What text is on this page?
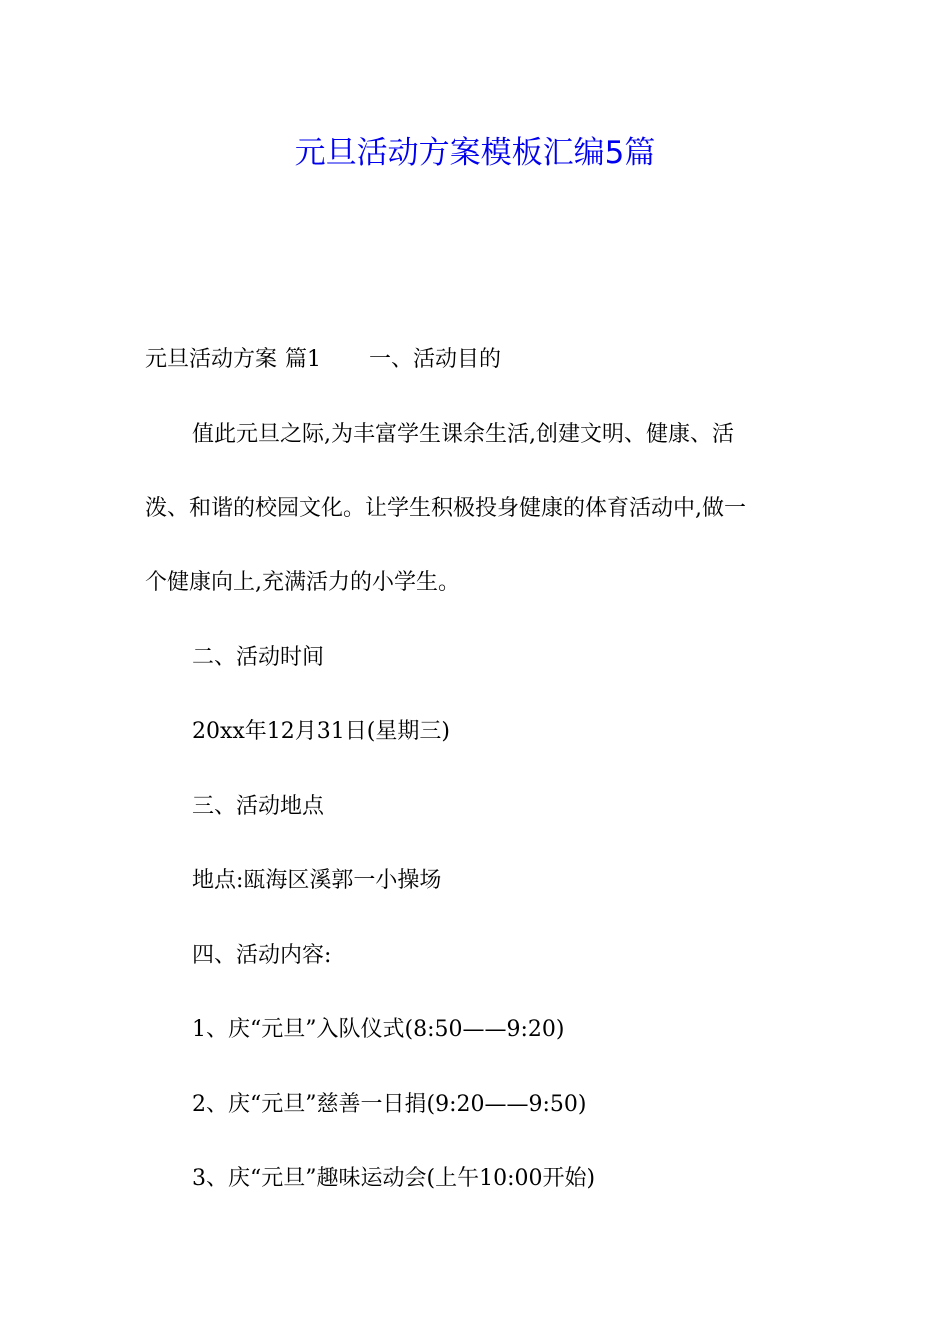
元旦活动方案模板汇编5篇

元旦活动方案 篇1 一、活动目的

值此元旦之际,为丰富学生课余生活,创建文明、健康、活

泼、和谐的校园文化。让学生积极投身健康的体育活动中,做一

个健康向上,充满活力的小学生。

二、活动时间

20xx年12月31日(星期三)

三、活动地点

地点:瓯海区溪郭一小操场

四、活动内容:

1、庆“元旦”入队仪式(8:50——9:20)

2、庆“元旦”慈善一日捐(9:20——9:50)

3、庆“元旦”趣味运动会(上午10:00开始)
